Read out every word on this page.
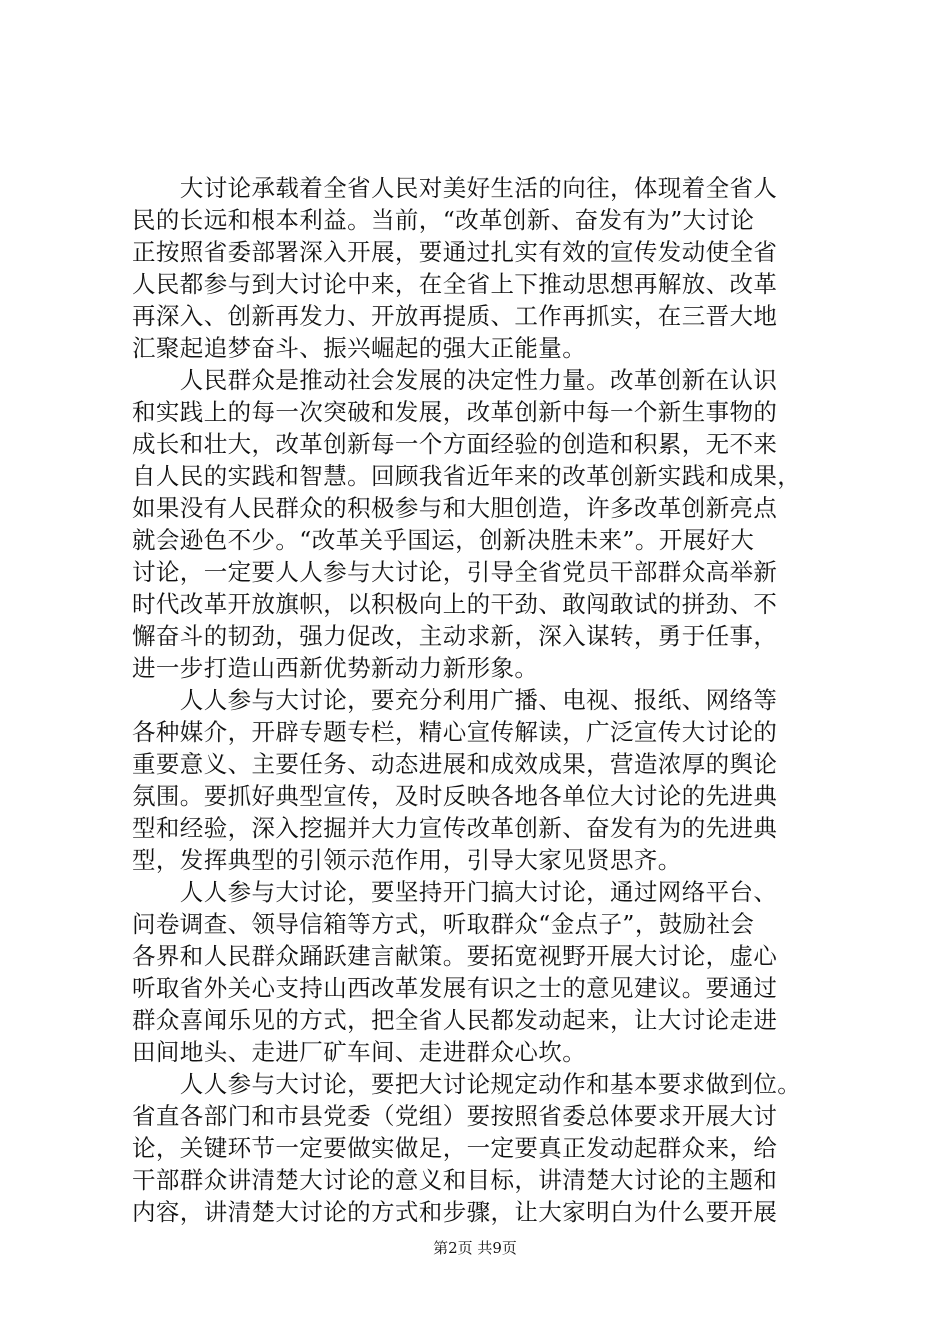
　　大讨论承载着全省人民对美好生活的向往，体现着全省人
民的长远和根本利益。当前，“改革创新、奋发有为”大讨论
正按照省委部署深入开展，要通过扎实有效的宣传发动使全省
人民都参与到大讨论中来，在全省上下推动思想再解放、改革
再深入、创新再发力、开放再提质、工作再抓实，在三晋大地
汇聚起追梦奋斗、振兴崛起的强大正能量。
　　人民群众是推动社会发展的决定性力量。改革创新在认识
和实践上的每一次突破和发展，改革创新中每一个新生事物的
成长和壮大，改革创新每一个方面经验的创造和积累，无不来
自人民的实践和智慧。回顾我省近年来的改革创新实践和成果，
如果没有人民群众的积极参与和大胆创造，许多改革创新亮点
就会逊色不少。“改革关乎国运，创新决胜未来”。开展好大
讨论，一定要人人参与大讨论，引导全省党员干部群众高举新
时代改革开放旗帜，以积极向上的干劲、敢闯敢试的拼劲、不
懈奋斗的韧劲，强力促改，主动求新，深入谋转，勇于任事，
进一步打造山西新优势新动力新形象。
　　人人参与大讨论，要充分利用广播、电视、报纸、网络等
各种媒介，开辟专题专栏，精心宣传解读，广泛宣传大讨论的
重要意义、主要任务、动态进展和成效成果，营造浓厚的舆论
氛围。要抓好典型宣传，及时反映各地各单位大讨论的先进典
型和经验，深入挖掘并大力宣传改革创新、奋发有为的先进典
型，发挥典型的引领示范作用，引导大家见贤思齐。
　　人人参与大讨论，要坚持开门搞大讨论，通过网络平台、
问卷调查、领导信箱等方式，听取群众“金点子”，鼓励社会
各界和人民群众踊跃建言献策。要拓宽视野开展大讨论，虚心
听取省外关心支持山西改革发展有识之士的意见建议。要通过
群众喜闻乐见的方式，把全省人民都发动起来，让大讨论走进
田间地头、走进厂矿车间、走进群众心坎。
　　人人参与大讨论，要把大讨论规定动作和基本要求做到位。
省直各部门和市县党委（党组）要按照省委总体要求开展大讨
论，关键环节一定要做实做足，一定要真正发动起群众来，给
干部群众讲清楚大讨论的意义和目标，讲清楚大讨论的主题和
内容，讲清楚大讨论的方式和步骤，让大家明白为什么要开展
第2页 共9页
